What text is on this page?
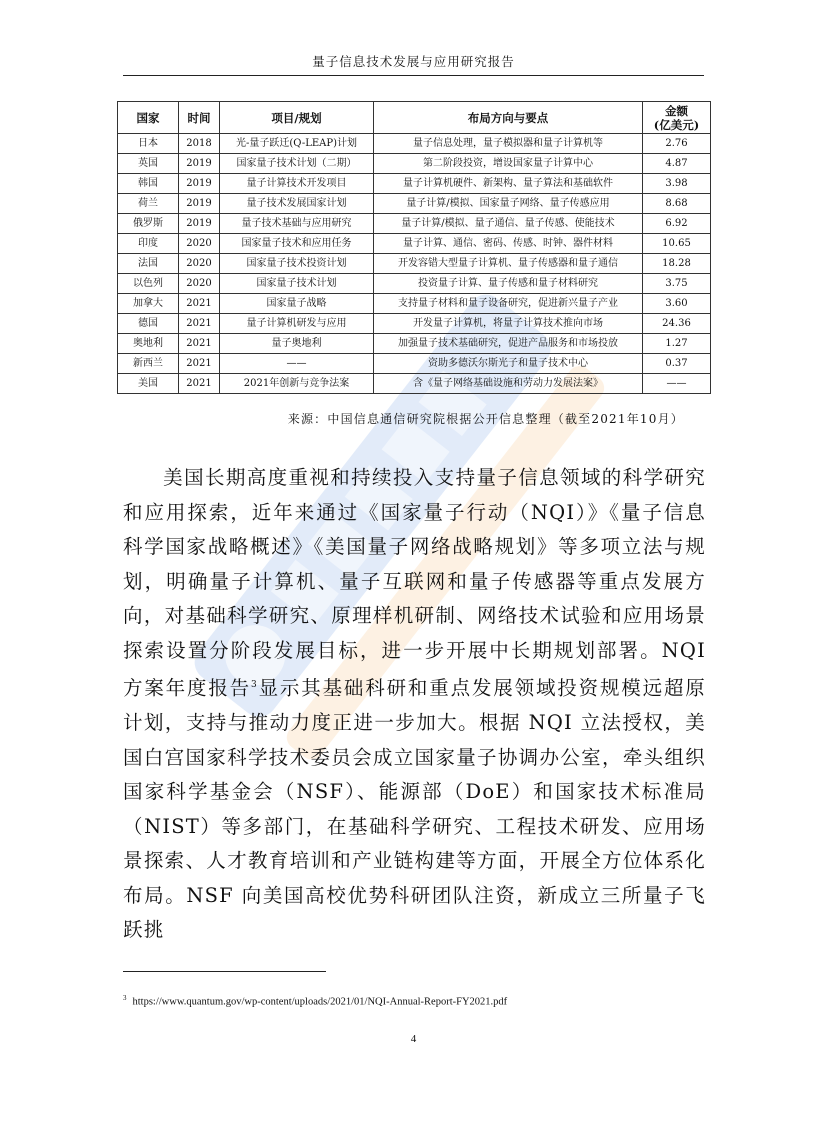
量子信息技术发展与应用研究报告
国家	时间	项目/规划	布局方向与要点	金额
(亿美元)
日本	2018	光-量子跃迁(Q-LEAP)计划	量子信息处理，量子模拟器和量子计算机等	2.76
英国	2019	国家量子技术计划（二期）	第二阶段投资，增设国家量子计算中心	4.87
韩国	2019	量子计算技术开发项目	量子计算机硬件、新架构、量子算法和基础软件	3.98
荷兰	2019	量子技术发展国家计划	量子计算/模拟、国家量子网络、量子传感应用	8.68
俄罗斯	2019	量子技术基础与应用研究	量子计算/模拟、量子通信、量子传感、使能技术	6.92
印度	2020	国家量子技术和应用任务	量子计算、通信、密码、传感、时钟、器件材料	10.65
法国	2020	国家量子技术投资计划	开发容错大型量子计算机、量子传感器和量子通信	18.28
以色列	2020	国家量子技术计划	投资量子计算、量子传感和量子材料研究	3.75
加拿大	2021	国家量子战略	支持量子材料和量子设备研究，促进新兴量子产业	3.60
德国	2021	量子计算机研发与应用	开发量子计算机，将量子计算技术推向市场	24.36
奥地利	2021	量子奥地利	加强量子技术基础研究，促进产品服务和市场投放	1.27
新西兰	2021	——	资助多德沃尔斯光子和量子技术中心	0.37
美国	2021	2021年创新与竞争法案	含《量子网络基础设施和劳动力发展法案》	——
来源：中国信息通信研究院根据公开信息整理（截至2021年10月）

美国长期高度重视和持续投入支持量子信息领域的科学研究和应用探索，近年来通过《国家量子行动（NQI）》《量子信息科学国家战略概述》《美国量子网络战略规划》等多项立法与规划，明确量子计算机、量子互联网和量子传感器等重点发展方向，对基础科学研究、原理样机研制、网络技术试验和应用场景探索设置分阶段发展目标，进一步开展中长期规划部署。NQI 方案年度报告$^3$显示其基础科研和重点发展领域投资规模远超原计划，支持与推动力度正进一步加大。根据 NQI 立法授权，美国白宫国家科学技术委员会成立国家量子协调办公室，牵头组织国家科学基金会（NSF）、能源部（DoE）和国家技术标准局（NIST）等多部门，在基础科学研究、工程技术研发、应用场景探索、人才教育培训和产业链构建等方面，开展全方位体系化布局。NSF 向美国高校优势科研团队注资，新成立三所量子飞跃挑

$^3$ https://www.quantum.gov/wp-content/uploads/2021/01/NQI-Annual-Report-FY2021.pdf
4
